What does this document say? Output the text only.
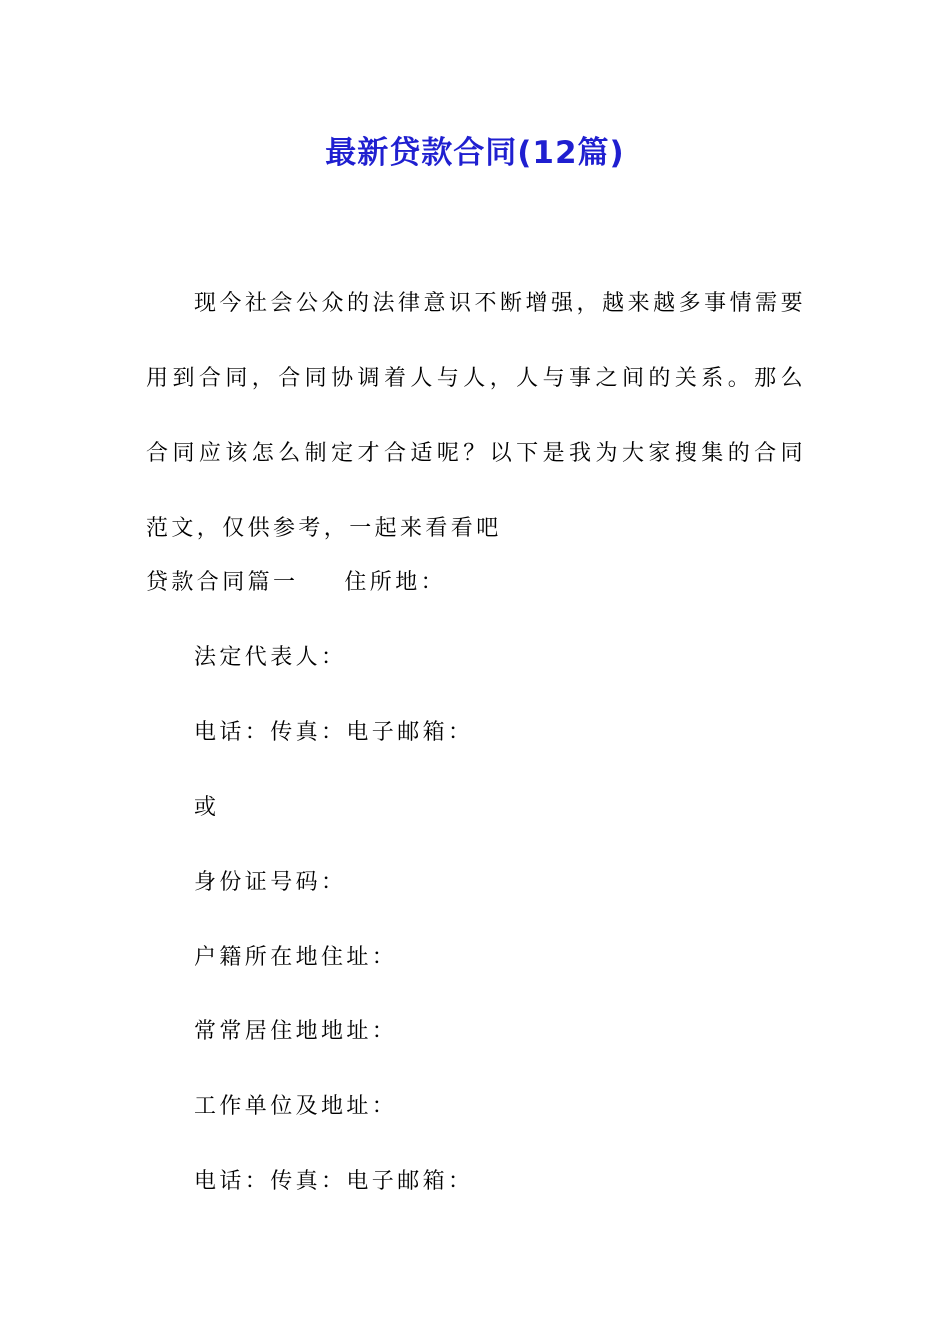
最新贷款合同(12篇)

现今社会公众的法律意识不断增强，越来越多事情需要用到合同，合同协调着人与人，人与事之间的关系。那么合同应该怎么制定才合适呢？以下是我为大家搜集的合同范文，仅供参考，一起来看看吧

贷款合同篇一 住所地：
法定代表人：
电话：传真：电子邮箱：
或
身份证号码：
户籍所在地住址：
常常居住地地址：
工作单位及地址：
电话：传真：电子邮箱：
